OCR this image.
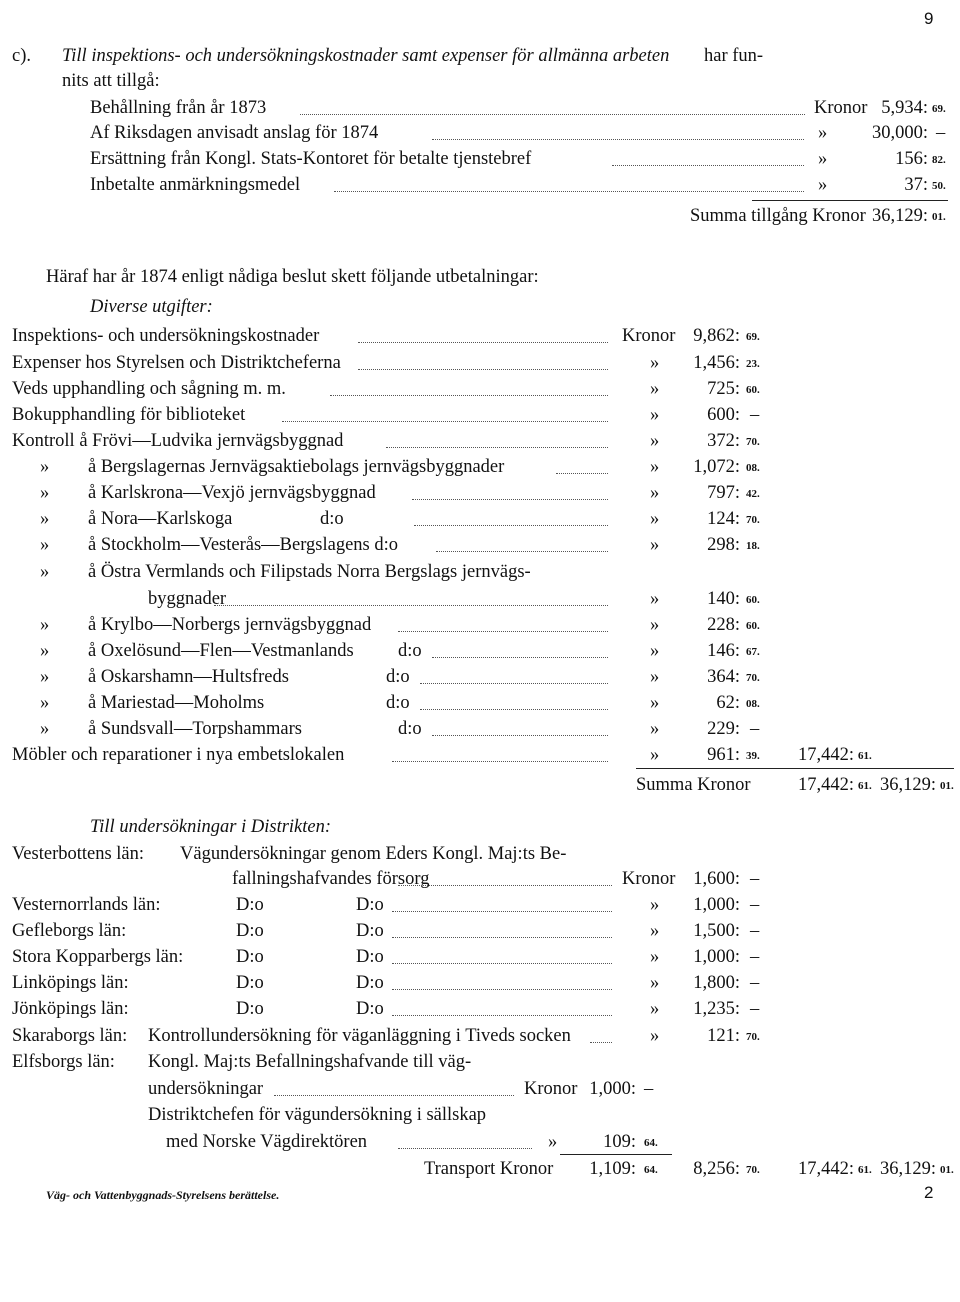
9
c). Till inspektions- och undersökningskostnader samt expenser för allmänna arbeten har fun-
nits att tillgå:
Behållning från år 1873	Kronor 5,934: 69.
Af Riksdagen anvisadt anslag för 1874	»	30,000: –
Ersättning från Kongl. Stats-Kontoret för betalte tjenstebref	»	156: 82.
Inbetalte anmärkningsmedel	»	37: 50.
Summa tillgång Kronor 36,129: 01.
Häraf har år 1874 enligt nådiga beslut skett följande utbetalningar:
Diverse utgifter:
Inspektions- och undersökningskostnader	Kronor 9,862: 69.
Expenser hos Styrelsen och Distriktcheferna	»	1,456: 23.
Veds upphandling och sågning m. m.	»	725: 60.
Bokupphandling för biblioteket	»	600: –
Kontroll å Frövi—Ludvika jernvägsbyggnad	»	372: 70.
» å Bergslagernas Jernvägsaktiebolags jernvägsbyggnader	»	1,072: 08.
» å Karlskrona—Vexjö jernvägsbyggnad	»	797: 42.
» å Nora—Karlskoga	d:o	»	124: 70.
» å Stockholm—Vesterås—Bergslagens d:o	»	298: 18.
» å Östra Vermlands och Filipstads Norra Bergslags jernvägs-
byggnader	»	140: 60.
» å Krylbo—Norbergs jernvägsbyggnad	»	228: 60.
» å Oxelösund—Flen—Vestmanlands d:o	»	146: 67.
» å Oskarshamn—Hultsfreds	d:o	»	364: 70.
» å Mariestad—Moholms	d:o	»	62: 08.
» å Sundsvall—Torpshammars	d:o	»	229: –
Möbler och reparationer i nya embetslokalen	»	961: 39.	17,442: 61.
Summa Kronor	17,442: 61. 36,129: 01.
Till undersökningar i Distrikten:
Vesterbottens län: Vägundersökningar genom Eders Kongl. Maj:ts Be-
fallningshafvandes försorg	Kronor 1,600: –
Vesternorrlands län:	D:o	D:o	»	1,000: –
Gefleborgs län:	D:o	D:o	»	1,500: –
Stora Kopparbergs län:	D:o	D:o	»	1,000: –
Linköpings län:	D:o	D:o	»	1,800: –
Jönköpings län:	D:o	D:o	»	1,235: –
Skaraborgs län: Kontrollundersökning för väganläggning i Tiveds socken	»	121: 70.
Elfsborgs län: Kongl. Maj:ts Befallningshafvande till väg-
undersökningar	Kronor 1,000: –
Distriktchefen för vägundersökning i sällskap
med Norske Vägdirektören	»	109: 64.
Transport Kronor	1,109: 64.	8,256: 70.	17,442: 61. 36,129: 01.
Väg- och Vattenbyggnads-Styrelsens berättelse.	2
